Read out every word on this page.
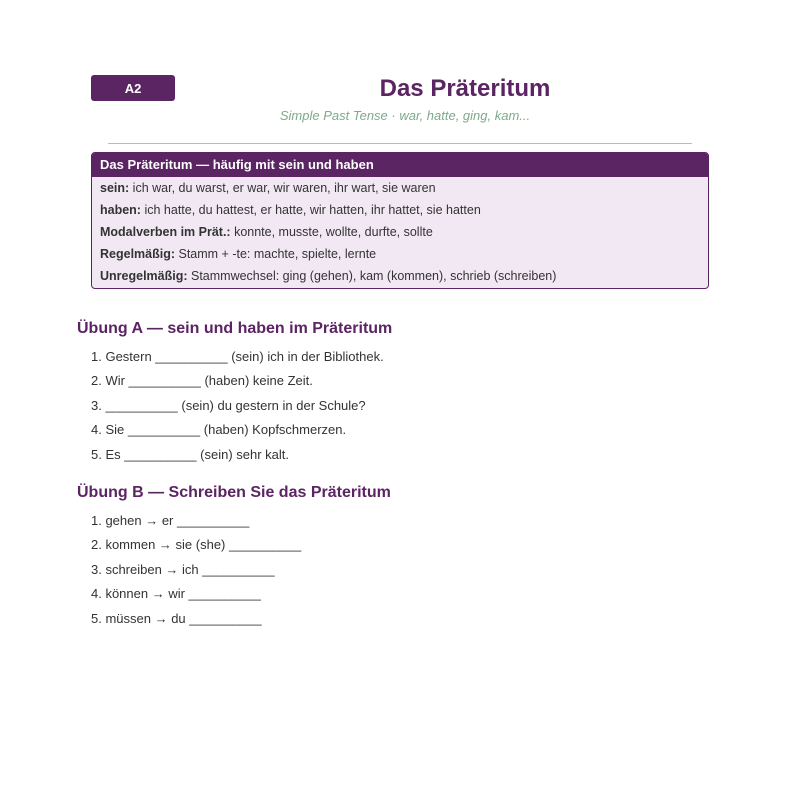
A2	Das Präteritum
Simple Past Tense · war, hatte, ging, kam...
Das Präteritum — häufig mit sein und haben
sein: ich war, du warst, er war, wir waren, ihr wart, sie waren
haben: ich hatte, du hattest, er hatte, wir hatten, ihr hattet, sie hatten
Modalverben im Prät.: konnte, musste, wollte, durfte, sollte
Regelmäßig: Stamm + -te: machte, spielte, lernte
Unregelmäßig: Stammwechsel: ging (gehen), kam (kommen), schrieb (schreiben)
Übung A — sein und haben im Präteritum
1. Gestern __________ (sein) ich in der Bibliothek.
2. Wir __________ (haben) keine Zeit.
3. __________ (sein) du gestern in der Schule?
4. Sie __________ (haben) Kopfschmerzen.
5. Es __________ (sein) sehr kalt.
Übung B — Schreiben Sie das Präteritum
1. gehen → er __________
2. kommen → sie (she) __________
3. schreiben → ich __________
4. können → wir __________
5. müssen → du __________
